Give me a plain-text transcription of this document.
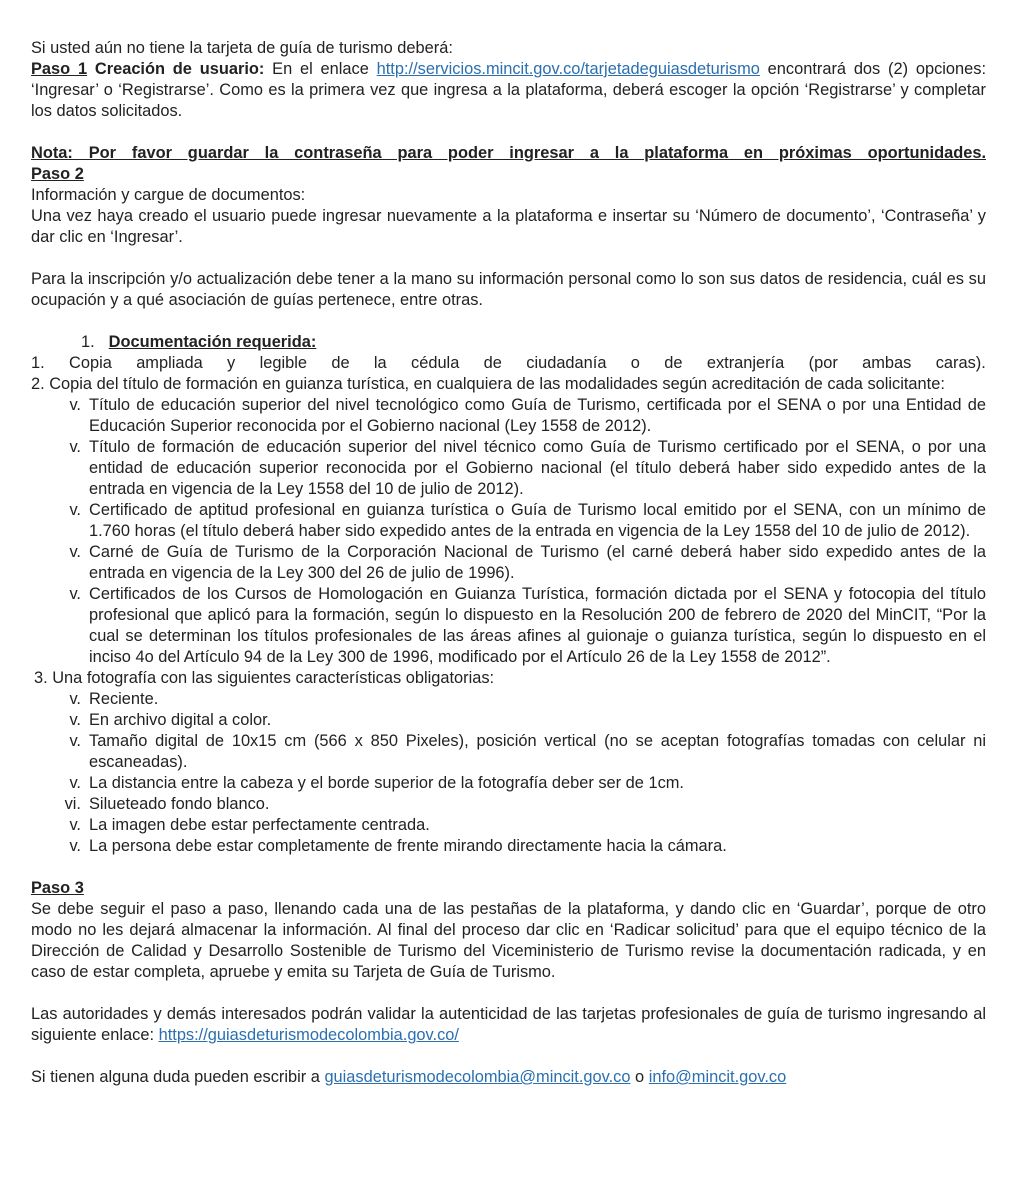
Si usted aún no tiene la tarjeta de guía de turismo deberá:

Paso 1 Creación de usuario: En el enlace http://servicios.mincit.gov.co/tarjetadeguiasdeturismo encontrará dos (2) opciones: ‘Ingresar’ o ‘Registrarse’. Como es la primera vez que ingresa a la plataforma, deberá escoger la opción ‘Registrarse’ y completar los datos solicitados.

Nota: Por favor guardar la contraseña para poder ingresar a la plataforma en próximas oportunidades.

Paso 2

Información y cargue de documentos:

Una vez haya creado el usuario puede ingresar nuevamente a la plataforma e insertar su ‘Número de documento’, ‘Contraseña’ y dar clic en ‘Ingresar’.

Para la inscripción y/o actualización debe tener a la mano su información personal como lo son sus datos de residencia, cuál es su ocupación y a qué asociación de guías pertenece, entre otras.

1. Documentación requerida:

1. Copia ampliada y legible de la cédula de ciudadanía o de extranjería (por ambas caras).

2. Copia del título de formación en guianza turística, en cualquiera de las modalidades según acreditación de cada solicitante:

v. Título de educación superior del nivel tecnológico como Guía de Turismo, certificada por el SENA o por una Entidad de Educación Superior reconocida por el Gobierno nacional (Ley 1558 de 2012).
v. Título de formación de educación superior del nivel técnico como Guía de Turismo certificado por el SENA, o por una entidad de educación superior reconocida por el Gobierno nacional (el título deberá haber sido expedido antes de la entrada en vigencia de la Ley 1558 del 10 de julio de 2012).
v. Certificado de aptitud profesional en guianza turística o Guía de Turismo local emitido por el SENA, con un mínimo de 1.760 horas (el título deberá haber sido expedido antes de la entrada en vigencia de la Ley 1558 del 10 de julio de 2012).
v. Carné de Guía de Turismo de la Corporación Nacional de Turismo (el carné deberá haber sido expedido antes de la entrada en vigencia de la Ley 300 del 26 de julio de 1996).
v. Certificados de los Cursos de Homologación en Guianza Turística, formación dictada por el SENA y fotocopia del título profesional que aplicó para la formación, según lo dispuesto en la Resolución 200 de febrero de 2020 del MinCIT, “Por la cual se determinan los títulos profesionales de las áreas afines al guionaje o guianza turística, según lo dispuesto en el inciso 4o del Artículo 94 de la Ley 300 de 1996, modificado por el Artículo 26 de la Ley 1558 de 2012”.

3. Una fotografía con las siguientes características obligatorias:

v. Reciente.
v. En archivo digital a color.
v. Tamaño digital de 10x15 cm (566 x 850 Pixeles), posición vertical (no se aceptan fotografías tomadas con celular ni escaneadas).
v. La distancia entre la cabeza y el borde superior de la fotografía deber ser de 1cm.
vi. Silueteado fondo blanco.
v. La imagen debe estar perfectamente centrada.
v. La persona debe estar completamente de frente mirando directamente hacia la cámara.

Paso 3

Se debe seguir el paso a paso, llenando cada una de las pestañas de la plataforma, y dando clic en ‘Guardar’, porque de otro modo no les dejará almacenar la información. Al final del proceso dar clic en ‘Radicar solicitud’ para que el equipo técnico de la Dirección de Calidad y Desarrollo Sostenible de Turismo del Viceministerio de Turismo revise la documentación radicada, y en caso de estar completa, apruebe y emita su Tarjeta de Guía de Turismo.

Las autoridades y demás interesados podrán validar la autenticidad de las tarjetas profesionales de guía de turismo ingresando al siguiente enlace: https://guiasdeturismodecolombia.gov.co/

Si tienen alguna duda pueden escribir a guiasdeturismodecolombia@mincit.gov.co o info@mincit.gov.co
